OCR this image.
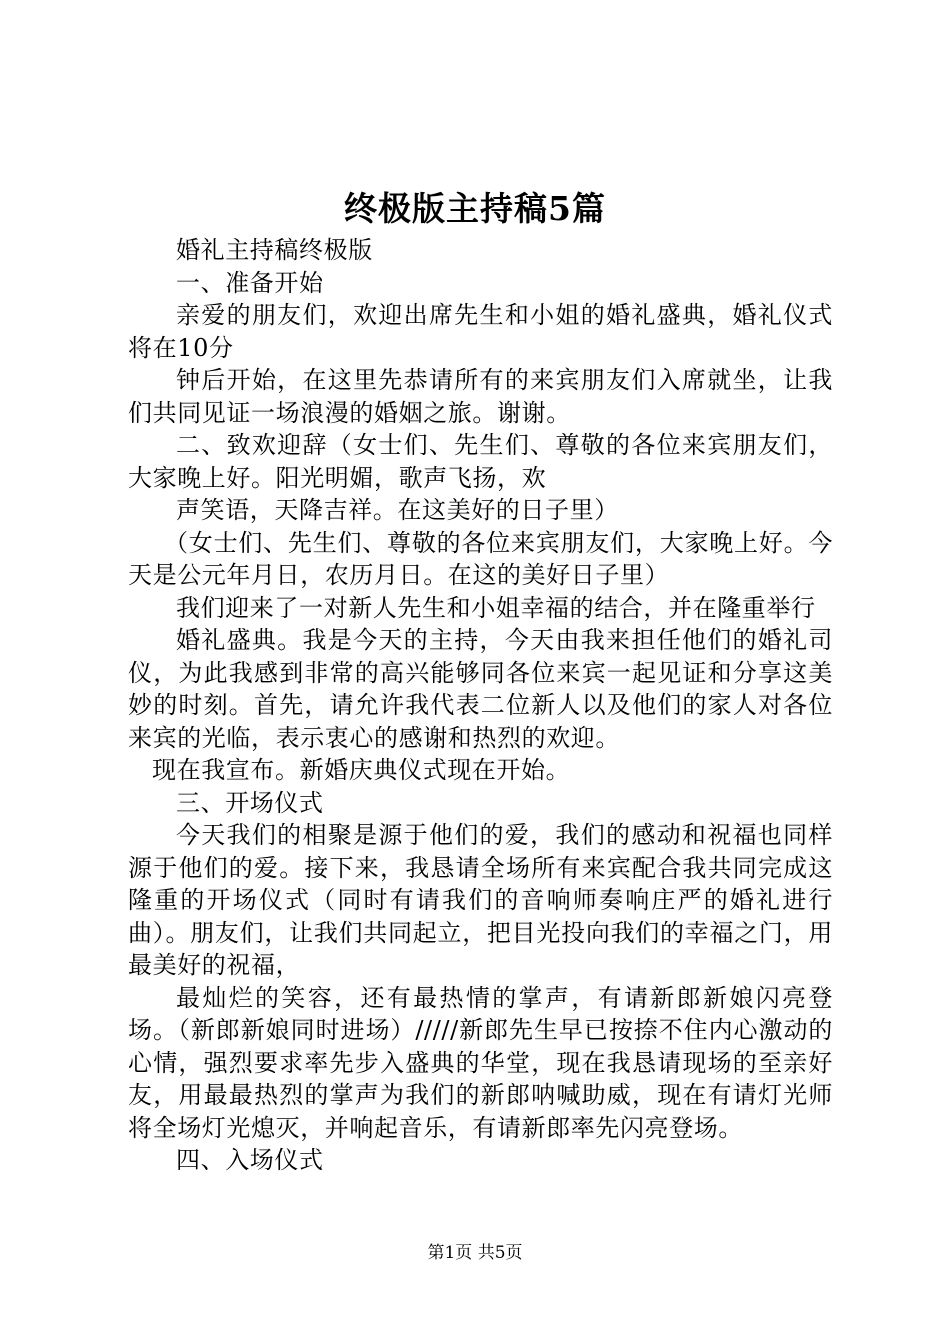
终极版主持稿5篇

婚礼主持稿终极版

一、准备开始

亲爱的朋友们，欢迎出席先生和小姐的婚礼盛典，婚礼仪式将在10分

钟后开始，在这里先恭请所有的来宾朋友们入席就坐，让我们共同见证一场浪漫的婚姻之旅。谢谢。

二、致欢迎辞（女士们、先生们、尊敬的各位来宾朋友们，大家晚上好。阳光明媚，歌声飞扬，欢

声笑语，天降吉祥。在这美好的日子里）

（女士们、先生们、尊敬的各位来宾朋友们，大家晚上好。今天是公元年月日，农历月日。在这的美好日子里）

我们迎来了一对新人先生和小姐幸福的结合，并在隆重举行

婚礼盛典。我是今天的主持，今天由我来担任他们的婚礼司仪，为此我感到非常的高兴能够同各位来宾一起见证和分享这美妙的时刻。首先，请允许我代表二位新人以及他们的家人对各位来宾的光临，表示衷心的感谢和热烈的欢迎。

现在我宣布。新婚庆典仪式现在开始。

三、开场仪式

今天我们的相聚是源于他们的爱，我们的感动和祝福也同样源于他们的爱。接下来，我恳请全场所有来宾配合我共同完成这隆重的开场仪式（同时有请我们的音响师奏响庄严的婚礼进行曲）。朋友们，让我们共同起立，把目光投向我们的幸福之门，用最美好的祝福，

最灿烂的笑容，还有最热情的掌声，有请新郎新娘闪亮登场。（新郎新娘同时进场）/////新郎先生早已按捺不住内心激动的心情，强烈要求率先步入盛典的华堂，现在我恳请现场的至亲好友，用最最热烈的掌声为我们的新郎呐喊助威，现在有请灯光师将全场灯光熄灭，并响起音乐，有请新郎率先闪亮登场。

四、入场仪式

第1页 共5页
